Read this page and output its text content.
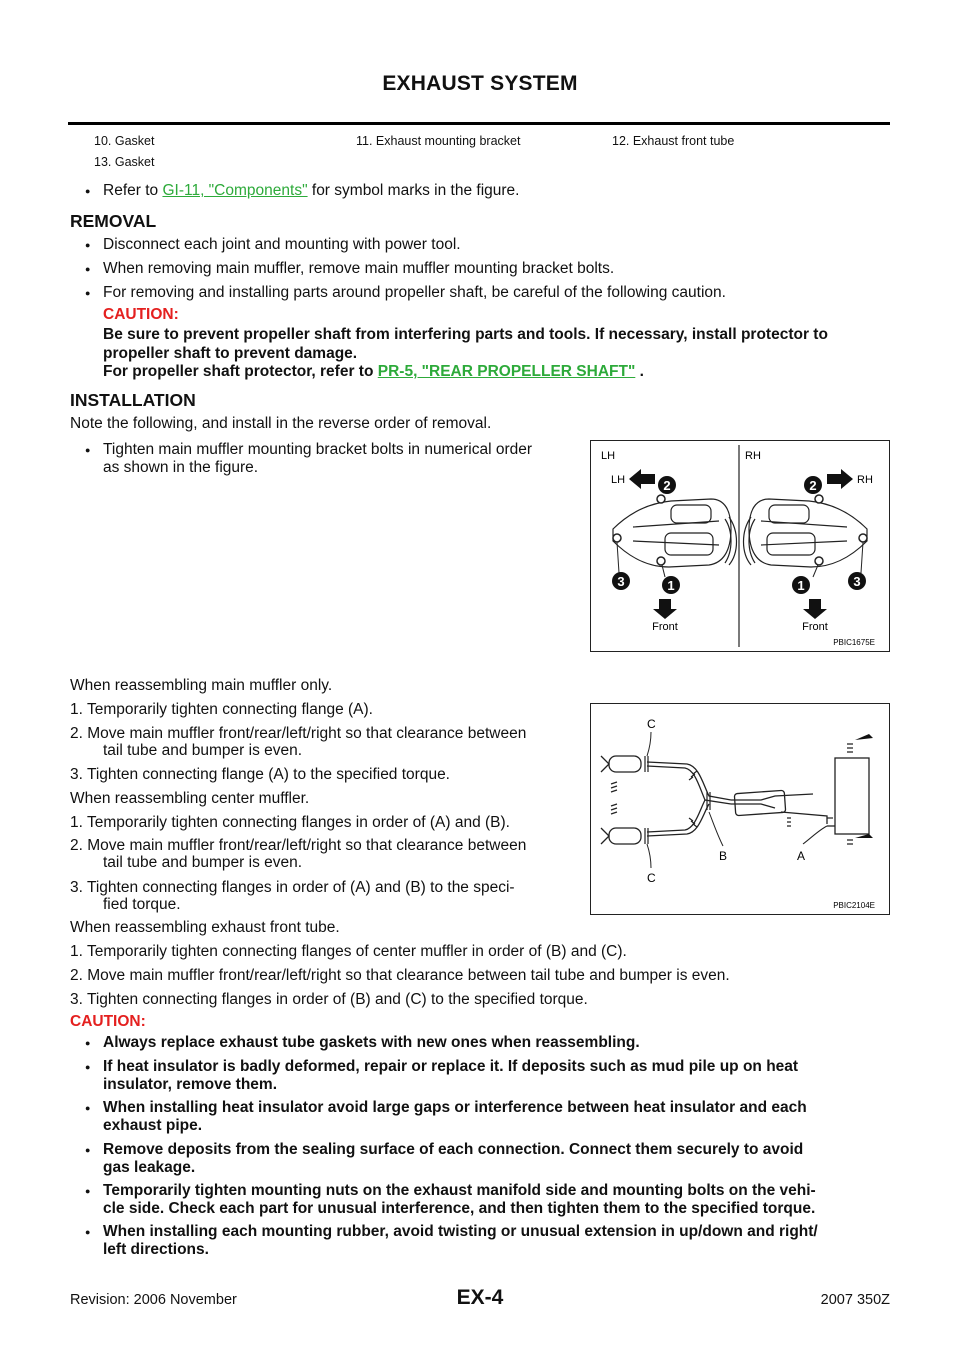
EXHAUST SYSTEM
10. Gasket	11. Exhaust mounting bracket	12. Exhaust front tube
13. Gasket
● Refer to GI-11, "Components" for symbol marks in the figure.
REMOVAL
● Disconnect each joint and mounting with power tool.
● When removing main muffler, remove main muffler mounting bracket bolts.
● For removing and installing parts around propeller shaft, be careful of the following caution.
CAUTION:
Be sure to prevent propeller shaft from interfering parts and tools. If necessary, install protector to
propeller shaft to prevent damage.
For propeller shaft protector, refer to PR-5, "REAR PROPELLER SHAFT" .
INSTALLATION
Note the following, and install in the reverse order of removal.
● Tighten main muffler mounting bracket bolts in numerical order
as shown in the figure.
LH	RH
LH	RH
2
1
3
Front
2
1	3
Front
PBIC1675E
When reassembling main muffler only.
1. Temporarily tighten connecting flange (A).
2. Move main muffler front/rear/left/right so that clearance between
tail tube and bumper is even.
3. Tighten connecting flange (A) to the specified torque.
When reassembling center muffler.
1. Temporarily tighten connecting flanges in order of (A) and (B).
2. Move main muffler front/rear/left/right so that clearance between
tail tube and bumper is even.
3. Tighten connecting flanges in order of (A) and (B) to the speci-
fied torque.
C
C
B	A
PBIC2104E
When reassembling exhaust front tube.
1. Temporarily tighten connecting flanges of center muffler in order of (B) and (C).
2. Move main muffler front/rear/left/right so that clearance between tail tube and bumper is even.
3. Tighten connecting flanges in order of (B) and (C) to the specified torque.
CAUTION:
● Always replace exhaust tube gaskets with new ones when reassembling.
● If heat insulator is badly deformed, repair or replace it. If deposits such as mud pile up on heat
insulator, remove them.
● When installing heat insulator avoid large gaps or interference between heat insulator and each
exhaust pipe.
● Remove deposits from the sealing surface of each connection. Connect them securely to avoid
gas leakage.
● Temporarily tighten mounting nuts on the exhaust manifold side and mounting bolts on the vehi-
cle side. Check each part for unusual interference, and then tighten them to the specified torque.
● When installing each mounting rubber, avoid twisting or unusual extension in up/down and right/
left directions.
Revision: 2006 November	EX-4	2007 350Z
